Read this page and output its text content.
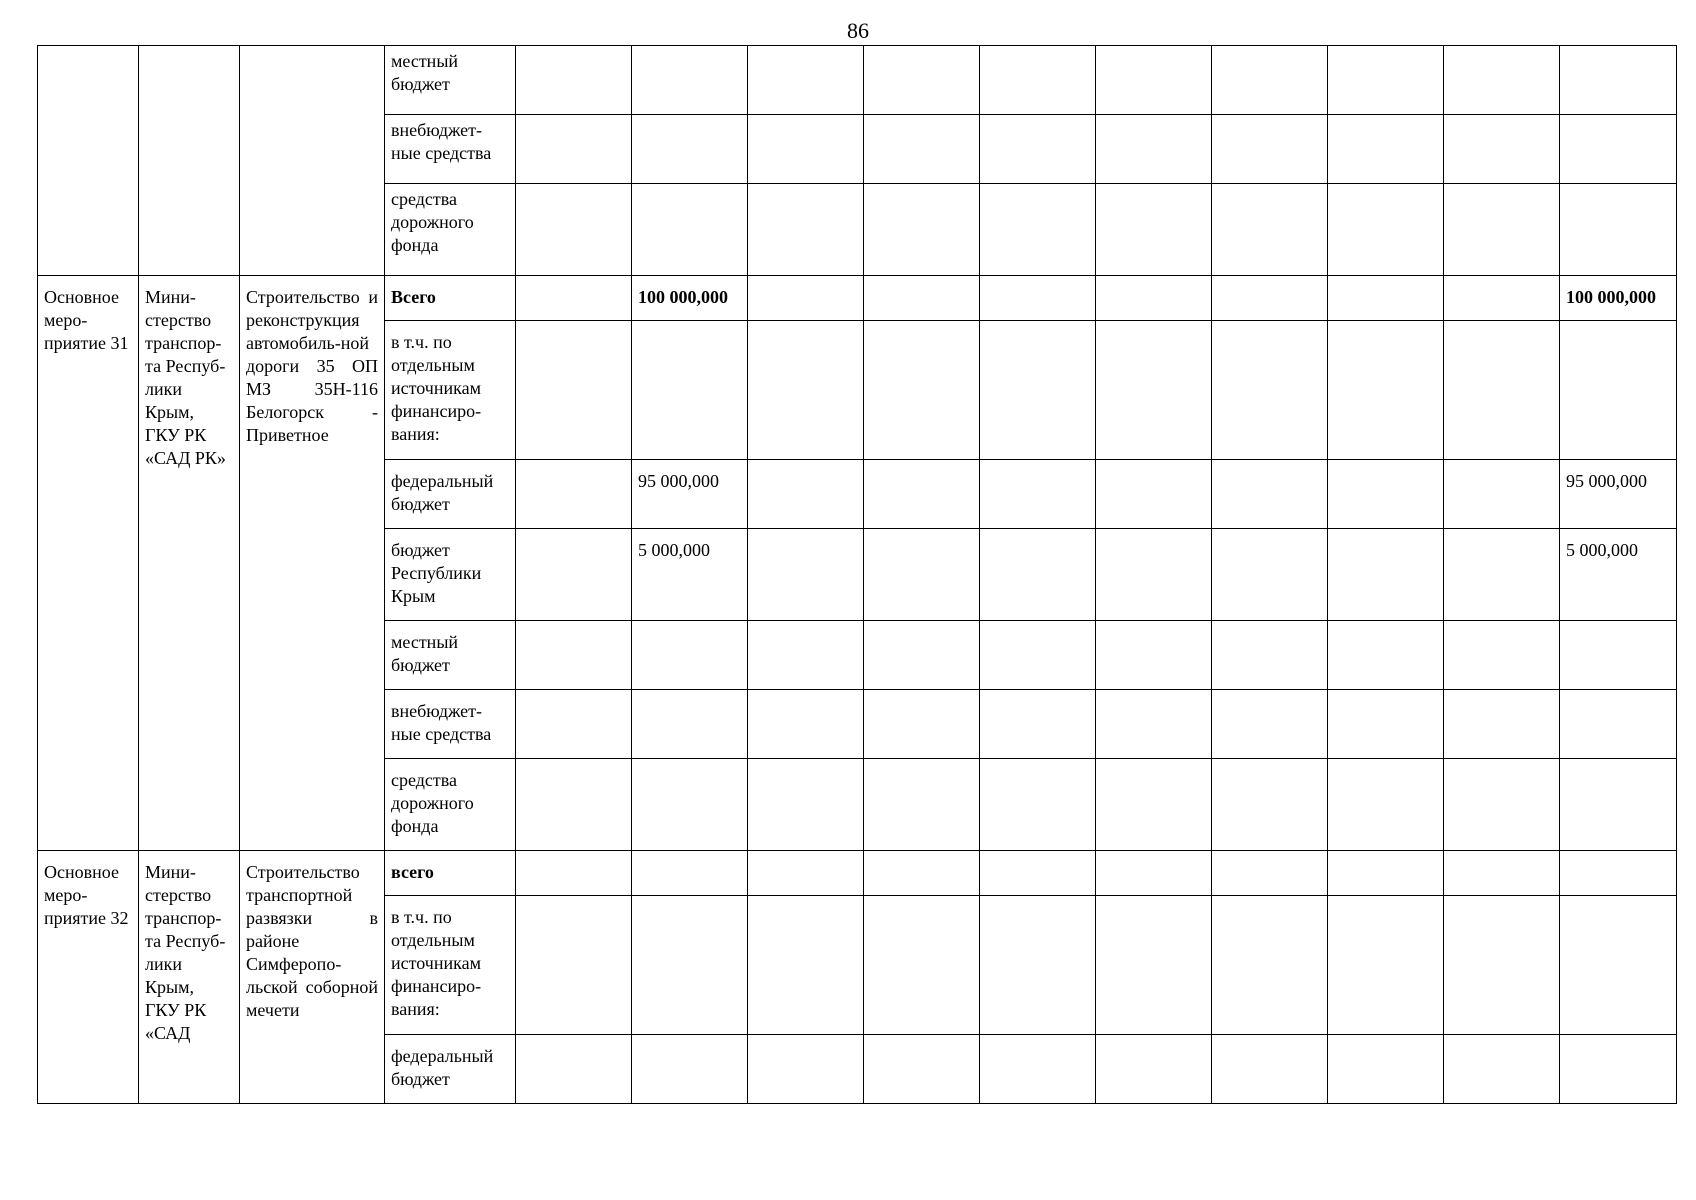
86

			местный бюджет										

			внебюджет-ные средства										

			средства дорожного фонда										

Основное меро-приятие 31	Мини-стерство транспор-та Респуб-лики Крым, ГКУ РК «САД РК»	Строительство и реконструкция автомобиль-ной дороги 35 ОП МЗ 35Н-116 Белогорск - Приветное	Всего		100 000,000								100 000,000

			в т.ч. по отдельным источникам финансиро-вания:										

			федеральный бюджет		95 000,000								95 000,000

			бюджет Республики Крым		5 000,000								5 000,000

			местный бюджет										

			внебюджет-ные средства										

			средства дорожного фонда										

Основное меро-приятие 32	Мини-стерство транспор-та Респуб-лики Крым, ГКУ РК «САД	Строительство транспортной развязки в районе Симферопо-льской соборной мечети	всего										

			в т.ч. по отдельным источникам финансиро-вания:										

			федеральный бюджет										
